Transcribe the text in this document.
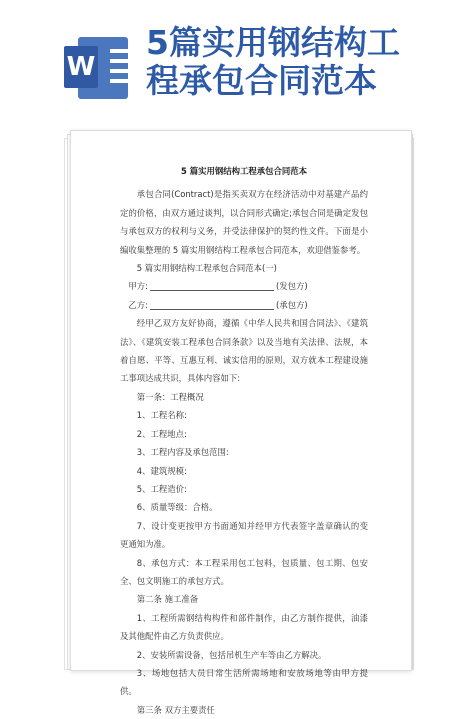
W
5篇实用钢结构工
程承包合同范本

5 篇实用钢结构工程承包合同范本

承包合同(Contract)是指买卖双方在经济活动中对基建产品约定的价格，由双方通过谈判，以合同形式确定;承包合同是确定发包与承包双方的权利与义务，并受法律保护的契约性文件。下面是小编收集整理的 5 篇实用钢结构工程承包合同范本，欢迎借鉴参考。

5 篇实用钢结构工程承包合同范本(一)

甲方:	(发包方)
乙方:	(承包方)

经甲乙双方友好协商，遵循《中华人民共和国合同法》、《建筑法》、《建筑安装工程承包合同条款》以及当地有关法律、法规，本着自愿、平等、互惠互利、诚实信用的原则，双方就本工程建设施工事项达成共识，具体内容如下:

第一条：工程概况

1、工程名称:

2、工程地点:

3、工程内容及承包范围:

4、建筑规模:

5、工程造价:

6、质量等级：合格。

7、设计变更按甲方书面通知并经甲方代表签字盖章确认的变更通知为准。

8、承包方式：本工程采用包工包料，包质量、包工期、包安全、包文明施工的承包方式。

第二条 施工准备

1、工程所需钢结构构件和部件制作，由乙方制作提供，油漆及其他配件由乙方负责供应。

2、安装所需设备，包括吊机生产车等由乙方解决。

3、场地包括人员日常生活所需场地和安放场地等由甲方提供。

第三条 双方主要责任
